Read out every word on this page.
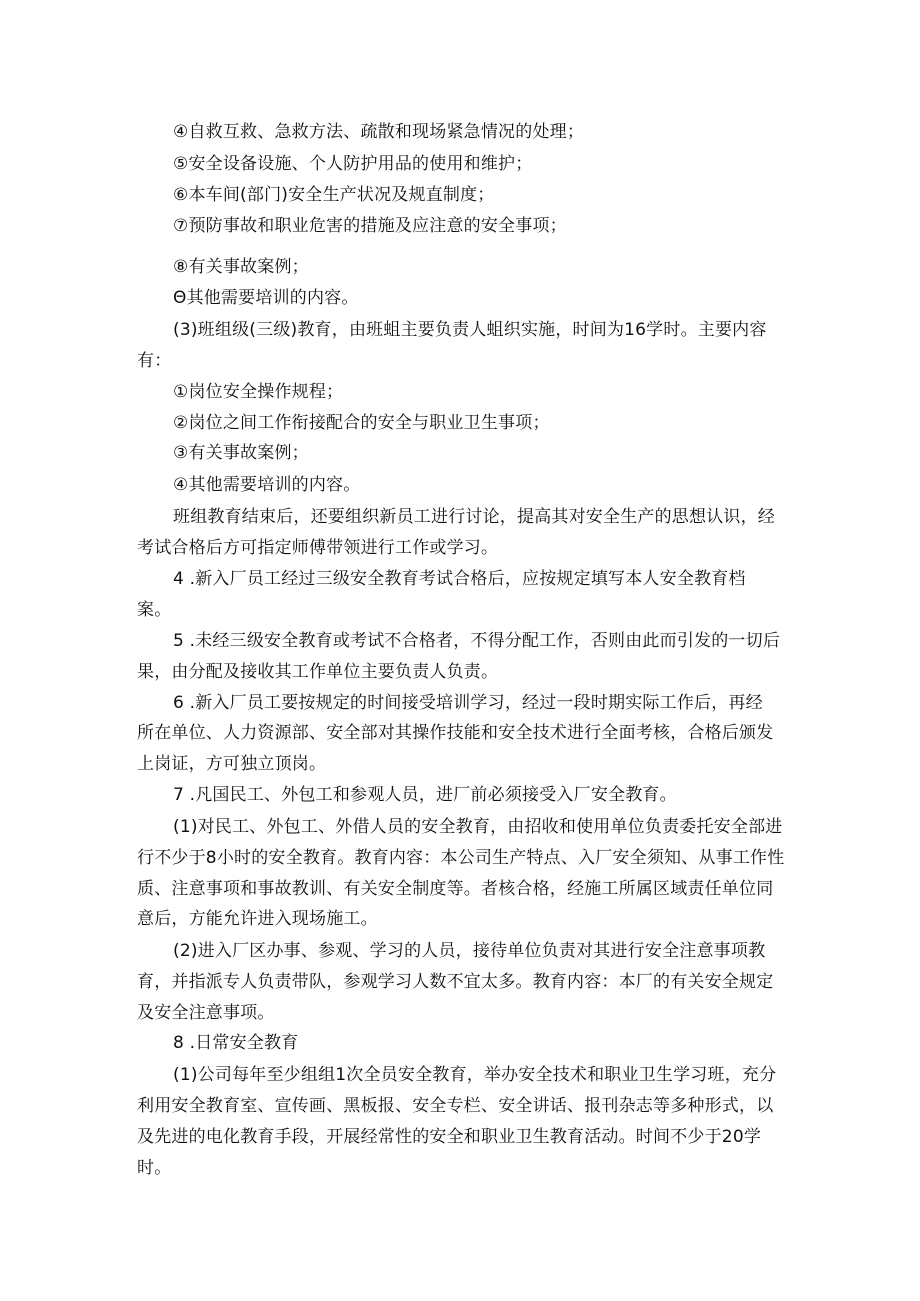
④自救互救、急救方法、疏散和现场紧急情况的处理；

⑤安全设备设施、个人防护用品的使用和维护；

⑥本车间(部门)安全生产状况及规直制度；

⑦预防事故和职业危害的措施及应注意的安全事项；

⑧有关事故案例；

Θ其他需要培训的内容。

(3)班组级(三级)教育，由班蛆主要负责人蛆织实施，时间为16学时。主要内容

有：

①岗位安全操作规程；

②岗位之间工作衔接配合的安全与职业卫生事项；

③有关事故案例；

④其他需要培训的内容。

班组教育结束后，还要组织新员工进行讨论，提高其对安全生产的思想认识，经

考试合格后方可指定师傅带领进行工作或学习。

4 .新入厂员工经过三级安全教育考试合格后，应按规定填写本人安全教育档

案。

5 .未经三级安全教育或考试不合格者，不得分配工作，否则由此而引发的一切后

果，由分配及接收其工作单位主要负责人负责。

6 .新入厂员工要按规定的时间接受培训学习，经过一段时期实际工作后，再经

所在单位、人力资源部、安全部对其操作技能和安全技术进行全面考核，合格后颁发

上岗证，方可独立顶岗。

7 .凡国民工、外包工和参观人员，进厂前必须接受入厂安全教育。

(1)对民工、外包工、外借人员的安全教育，由招收和使用单位负责委托安全部进

行不少于8小时的安全教育。教育内容：本公司生产特点、入厂安全须知、从事工作性

质、注意事项和事故教训、有关安全制度等。者核合格，经施工所属区域责任单位同

意后，方能允许进入现场施工。

(2)进入厂区办事、参观、学习的人员，接待单位负责对其进行安全注意事项教

育，并指派专人负责带队，参观学习人数不宜太多。教育内容：本厂的有关安全规定

及安全注意事项。

8 .日常安全教育

(1)公司每年至少组组1次全员安全教育，举办安全技术和职业卫生学习班，充分

利用安全教育室、宣传画、黑板报、安全专栏、安全讲话、报刊杂志等多种形式，以

及先进的电化教育手段，开展经常性的安全和职业卫生教育活动。时间不少于20学

时。
